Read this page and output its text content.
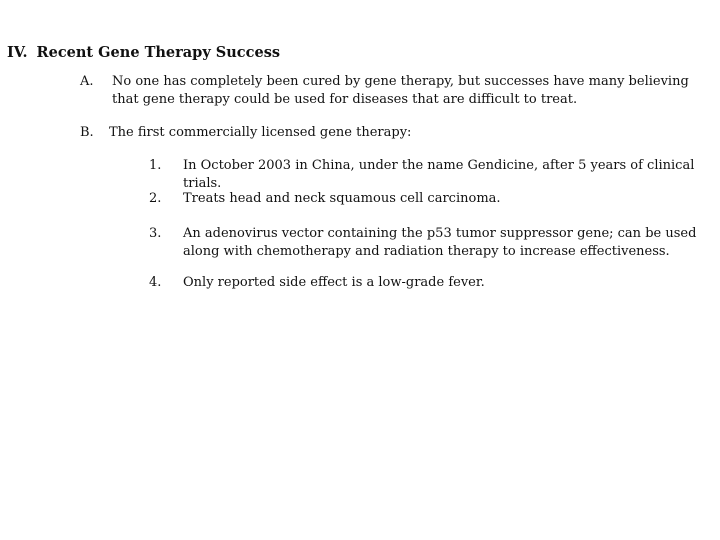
IV. Recent Gene Therapy Success
A. No one has completely been cured by gene therapy, but successes have many believing that gene therapy could be used for diseases that are difficult to treat.
B. The first commercially licensed gene therapy:
1. In October 2003 in China, under the name Gendicine, after 5 years of clinical trials.
2. Treats head and neck squamous cell carcinoma.
3. An adenovirus vector containing the p53 tumor suppressor gene; can be used along with chemotherapy and radiation therapy to increase effectiveness.
4. Only reported side effect is a low-grade fever.
